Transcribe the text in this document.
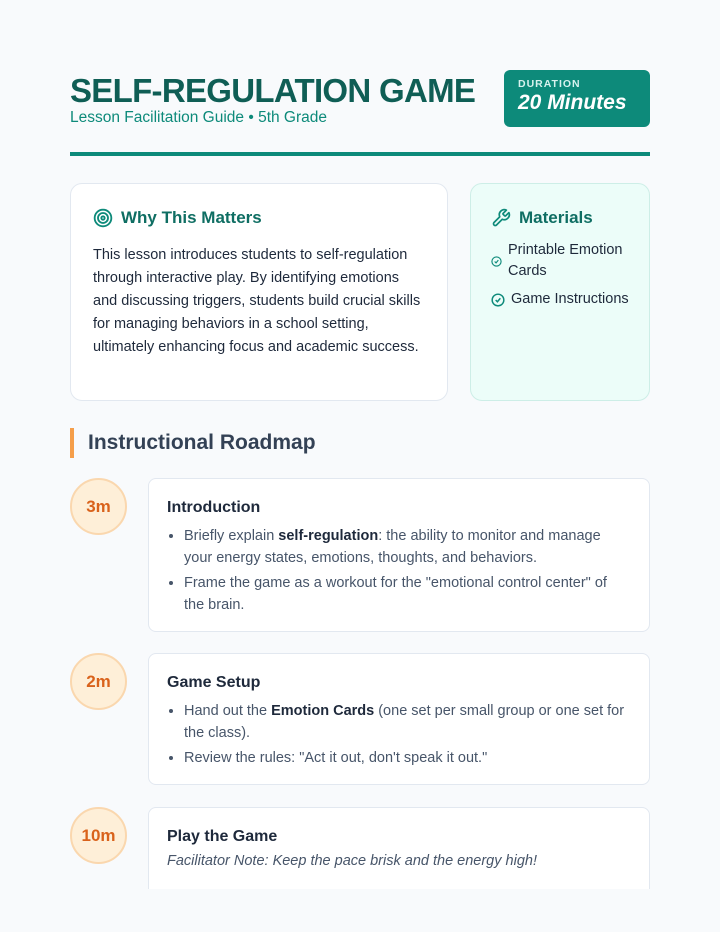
SELF-REGULATION GAME
Lesson Facilitation Guide • 5th Grade
DURATION
20 Minutes
Why This Matters

This lesson introduces students to self-regulation through interactive play. By identifying emotions and discussing triggers, students build crucial skills for managing behaviors in a school setting, ultimately enhancing focus and academic success.

Materials
Printable Emotion Cards
Game Instructions
Instructional Roadmap
3m	Introduction
• Briefly explain self-regulation: the ability to monitor and manage your energy states, emotions, thoughts, and behaviors.
• Frame the game as a workout for the "emotional control center" of the brain.
2m	Game Setup
• Hand out the Emotion Cards (one set per small group or one set for the class).
• Review the rules: "Act it out, don't speak it out."
10m	Play the Game

Facilitator Note: Keep the pace brisk and the energy high!
